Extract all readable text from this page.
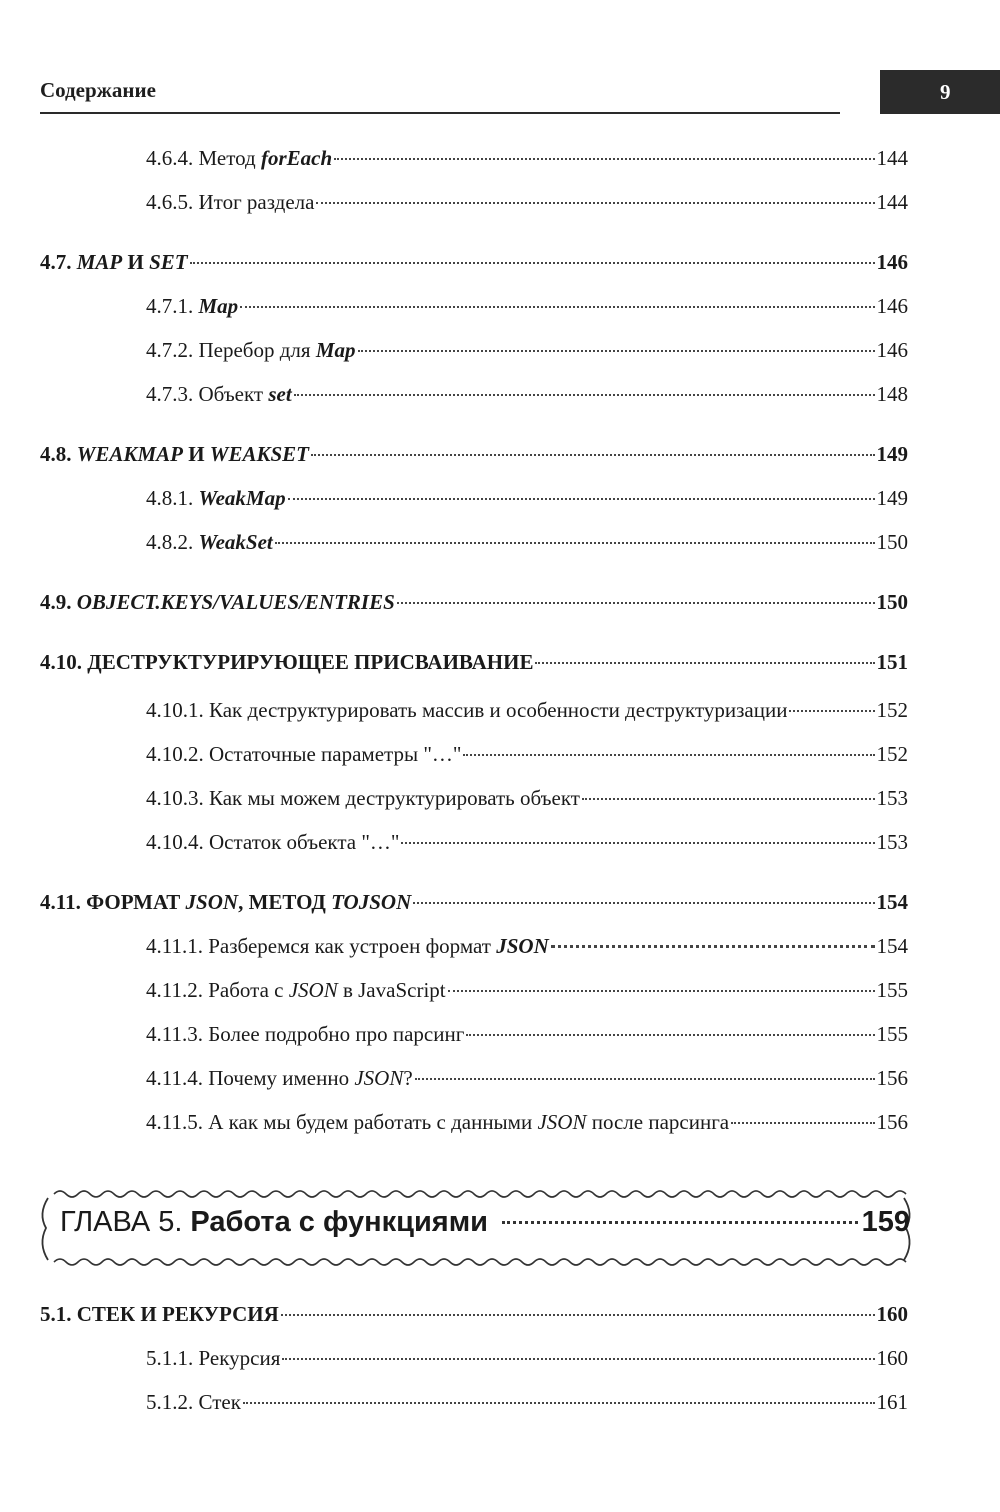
Содержание	9
4.6.4. Метод forEach	144
4.6.5. Итог раздела	144
4.7. MAP И SET	146
4.7.1. Map	146
4.7.2. Перебор для Map	146
4.7.3. Объект set	148
4.8. WEAKMAP И WEAKSET	149
4.8.1. WeakMap	149
4.8.2. WeakSet	150
4.9. OBJECT.KEYS/VALUES/ENTRIES	150
4.10. ДЕСТРУКТУРИРУЮЩЕЕ ПРИСВАИВАНИЕ	151
4.10.1. Как деструктурировать массив и особенности деструктуризации	152
4.10.2. Остаточные параметры "…"	152
4.10.3. Как мы можем деструктурировать объект	153
4.10.4. Остаток объекта "…"	153
4.11. ФОРМАТ JSON, МЕТОД TOJSON	154
4.11.1. Разберемся как устроен формат JSON	154
4.11.2. Работа с JSON в JavaScript	155
4.11.3. Более подробно про парсинг	155
4.11.4. Почему именно JSON?	156
4.11.5. А как мы будем работать с данными JSON после парсинга	156
ГЛАВА 5. Работа с функциями	159
5.1. СТЕК И РЕКУРСИЯ	160
5.1.1. Рекурсия	160
5.1.2. Стек	161
